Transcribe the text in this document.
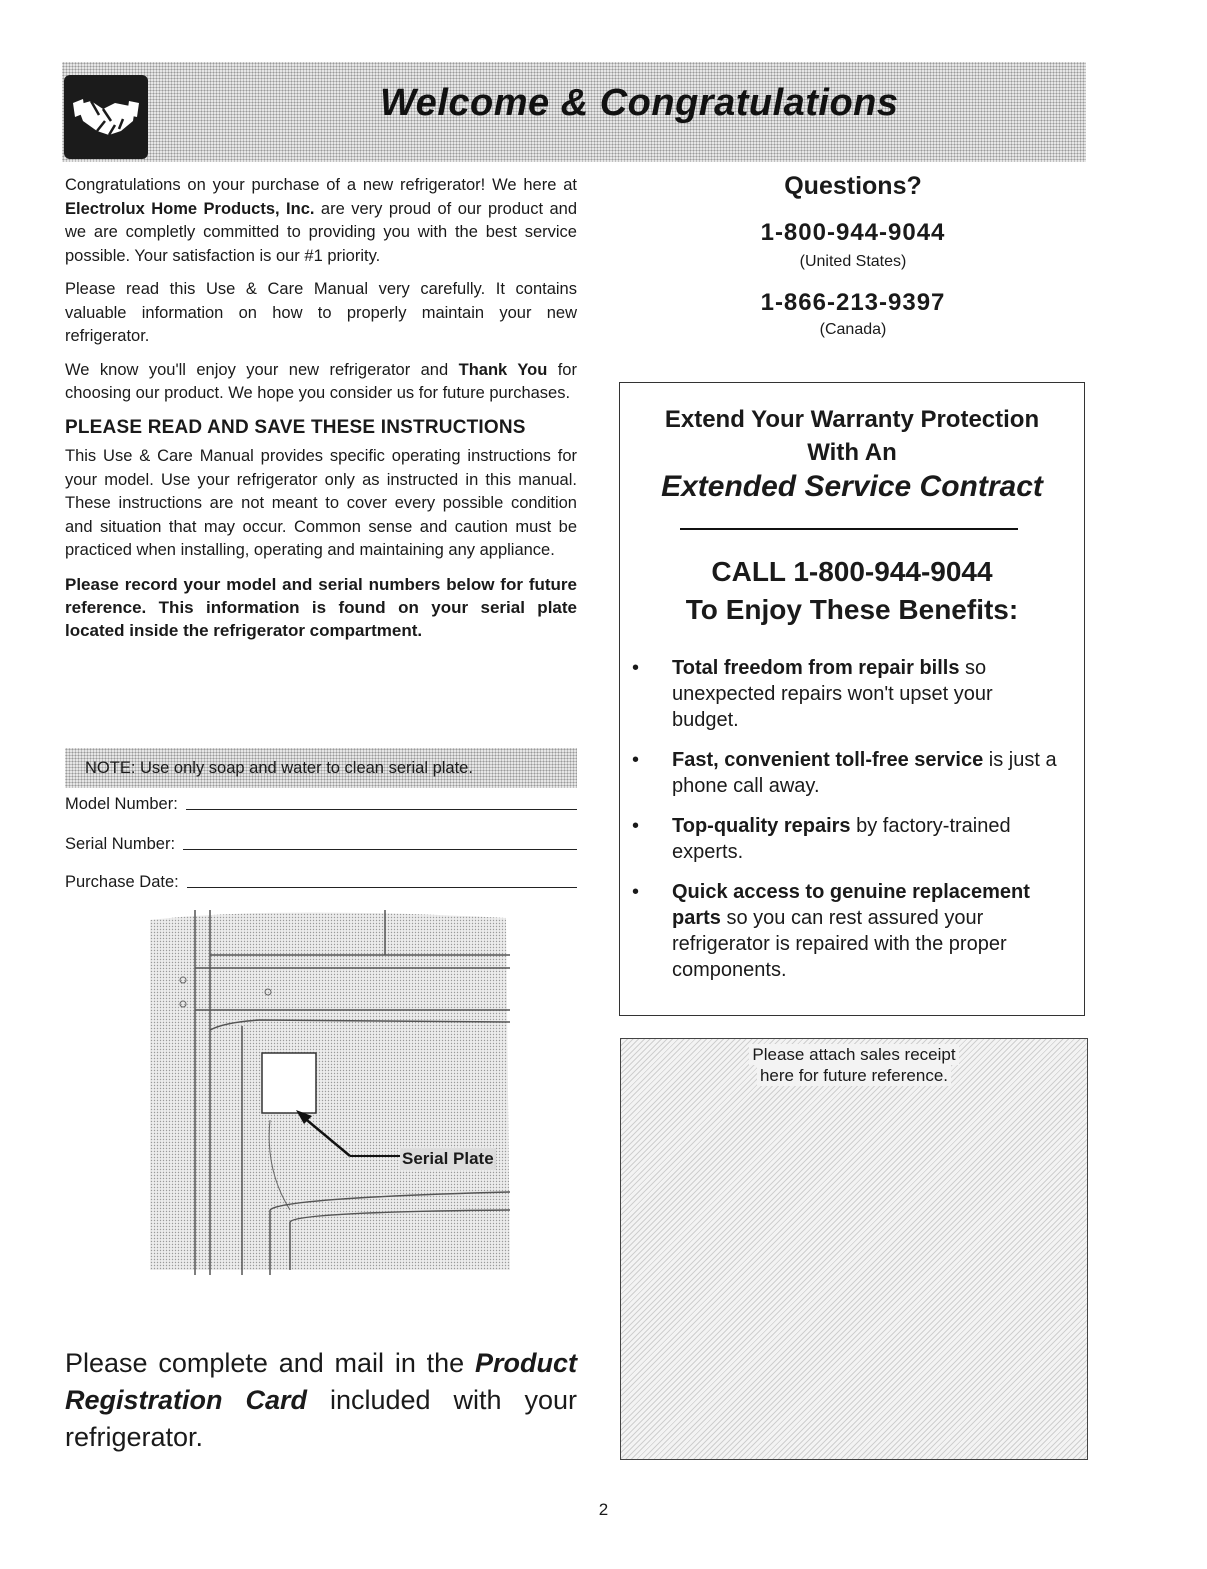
Welcome & Congratulations

Congratulations on your purchase of a new refrigerator! We here at Electrolux Home Products, Inc. are very proud of our product and we are completly committed to providing you with the best service possible. Your satisfaction is our #1 priority.

Please read this Use & Care Manual very carefully. It contains valuable information on how to properly maintain your new refrigerator.

We know you'll enjoy your new refrigerator and Thank You for choosing our product. We hope you consider us for future purchases.

PLEASE READ AND SAVE THESE INSTRUCTIONS

This Use & Care Manual provides specific operating instructions for your model. Use your refrigerator only as instructed in this manual. These instructions are not meant to cover every possible condition and situation that may occur. Common sense and caution must be practiced when installing, operating and maintaining any appliance.

Please record your model and serial numbers below for future reference. This information is found on your serial plate located inside the refrigerator compartment.

NOTE: Use only soap and water to clean serial plate.
Model Number:
Serial Number:
Purchase Date:
Serial Plate

Please complete and mail in the Product Registration Card included with your refrigerator.

Questions?
1-800-944-9044
(United States)
1-866-213-9397
(Canada)
Extend Your Warranty Protection
With An
Extended Service Contract
CALL 1-800-944-9044
To Enjoy These Benefits:
• Total freedom from repair bills so unexpected repairs won't upset your budget.
• Fast, convenient toll-free service is just a phone call away.
• Top-quality repairs by factory-trained experts.
• Quick access to genuine replacement parts so you can rest assured your refrigerator is repaired with the proper components.
Please attach sales receipt
here for future reference.
2
